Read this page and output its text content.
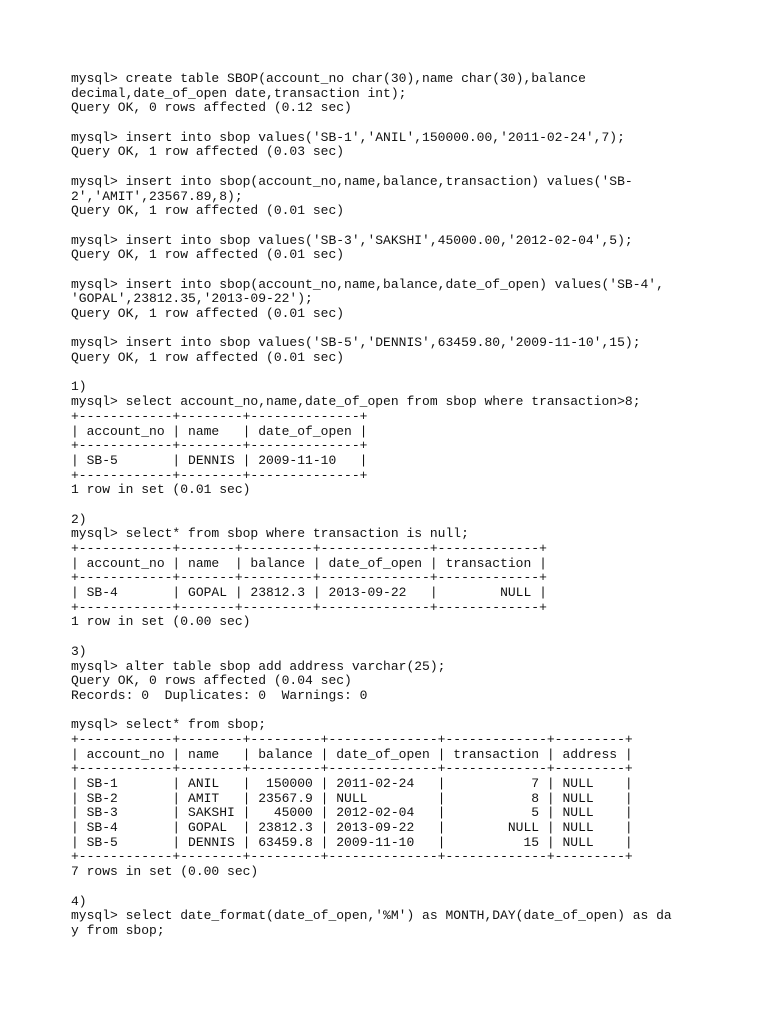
mysql> create table SBOP(account_no char(30),name char(30),balance
decimal,date_of_open date,transaction int);
Query OK, 0 rows affected (0.12 sec)
mysql> insert into sbop values('SB-1','ANIL',150000.00,'2011-02-24',7);
Query OK, 1 row affected (0.03 sec)
mysql> insert into sbop(account_no,name,balance,transaction) values('SB-
2','AMIT',23567.89,8);
Query OK, 1 row affected (0.01 sec)
mysql> insert into sbop values('SB-3','SAKSHI',45000.00,'2012-02-04',5);
Query OK, 1 row affected (0.01 sec)
mysql> insert into sbop(account_no,name,balance,date_of_open) values('SB-4',
'GOPAL',23812.35,'2013-09-22');
Query OK, 1 row affected (0.01 sec)
mysql> insert into sbop values('SB-5','DENNIS',63459.80,'2009-11-10',15);
Query OK, 1 row affected (0.01 sec)
1)
mysql> select account_no,name,date_of_open from sbop where transaction>8;
+------------+--------+--------------+
| account_no | name   | date_of_open |
+------------+--------+--------------+
| SB-5       | DENNIS | 2009-11-10   |
+------------+--------+--------------+
1 row in set (0.01 sec)
2)
mysql> select* from sbop where transaction is null;
+------------+-------+---------+--------------+-------------+
| account_no | name  | balance | date_of_open | transaction |
+------------+-------+---------+--------------+-------------+
| SB-4       | GOPAL | 23812.3 | 2013-09-22   |        NULL |
+------------+-------+---------+--------------+-------------+
1 row in set (0.00 sec)
3)
mysql> alter table sbop add address varchar(25);
Query OK, 0 rows affected (0.04 sec)
Records: 0  Duplicates: 0  Warnings: 0
mysql> select* from sbop;
+------------+--------+---------+--------------+-------------+---------+
| account_no | name   | balance | date_of_open | transaction | address |
+------------+--------+---------+--------------+-------------+---------+
| SB-1       | ANIL   |  150000 | 2011-02-24   |           7 | NULL    |
| SB-2       | AMIT   | 23567.9 | NULL         |           8 | NULL    |
| SB-3       | SAKSHI |   45000 | 2012-02-04   |           5 | NULL    |
| SB-4       | GOPAL  | 23812.3 | 2013-09-22   |        NULL | NULL    |
| SB-5       | DENNIS | 63459.8 | 2009-11-10   |          15 | NULL    |
+------------+--------+---------+--------------+-------------+---------+
7 rows in set (0.00 sec)
4)
mysql> select date_format(date_of_open,'%M') as MONTH,DAY(date_of_open) as da
y from sbop;
